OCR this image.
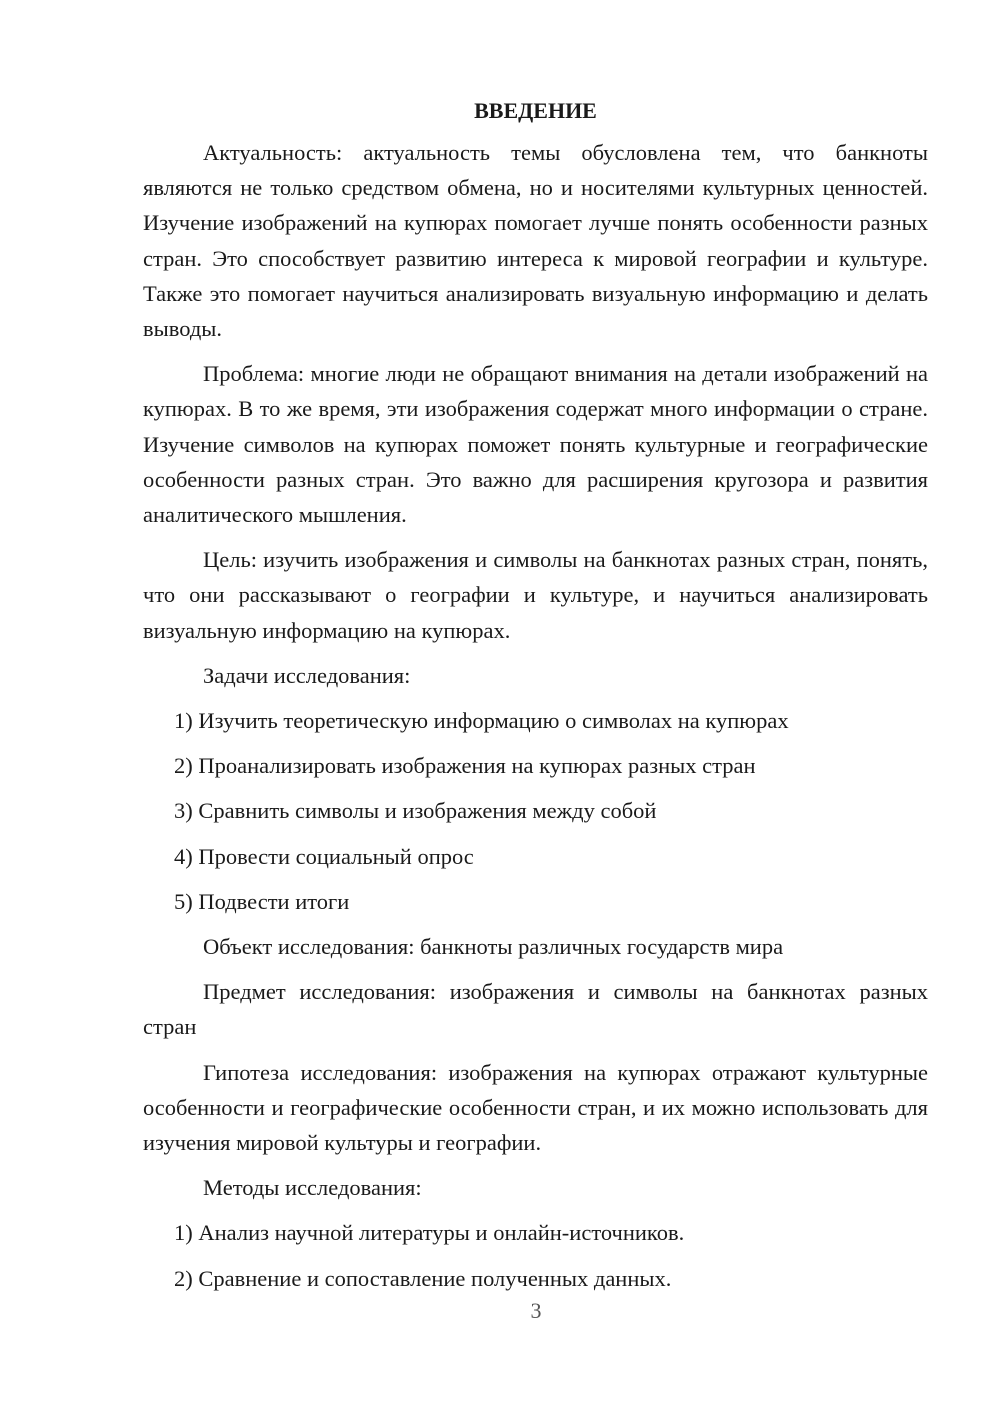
ВВЕДЕНИЕ

Актуальность: актуальность темы обусловлена тем, что банкноты являются не только средством обмена, но и носителями культурных ценностей. Изучение изображений на купюрах помогает лучше понять особенности разных стран. Это способствует развитию интереса к мировой географии и культуре. Также это помогает научиться анализировать визуальную информацию и делать выводы.

Проблема: многие люди не обращают внимания на детали изображений на купюрах. В то же время, эти изображения содержат много информации о стране. Изучение символов на купюрах поможет понять культурные и географические особенности разных стран. Это важно для расширения кругозора и развития аналитического мышления.

Цель: изучить изображения и символы на банкнотах разных стран, понять, что они рассказывают о географии и культуре, и научиться анализировать визуальную информацию на купюрах.

Задачи исследования:
1) Изучить теоретическую информацию о символах на купюрах
2) Проанализировать изображения на купюрах разных стран
3) Сравнить символы и изображения между собой
4) Провести социальный опрос
5) Подвести итоги
Объект исследования: банкноты различных государств мира

Предмет исследования: изображения и символы на банкнотах разных стран

Гипотеза исследования: изображения на купюрах отражают культурные особенности и географические особенности стран, и их можно использовать для изучения мировой культуры и географии.

Методы исследования:
1) Анализ научной литературы и онлайн-источников.
2) Сравнение и сопоставление полученных данных.
3
